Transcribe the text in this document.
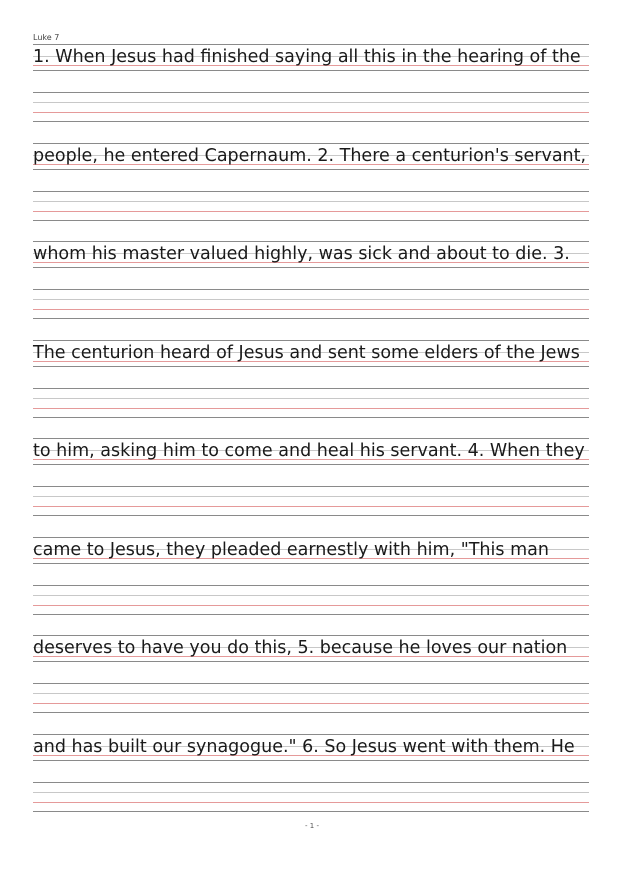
Luke 7
1. When Jesus had finished saying all this in the hearing of the
people, he entered Capernaum. 2. There a centurion's servant,
whom his master valued highly, was sick and about to die. 3.
The centurion heard of Jesus and sent some elders of the Jews
to him, asking him to come and heal his servant. 4. When they
came to Jesus, they pleaded earnestly with him, "This man
deserves to have you do this, 5. because he loves our nation
and has built our synagogue." 6. So Jesus went with them. He
- 1 -
